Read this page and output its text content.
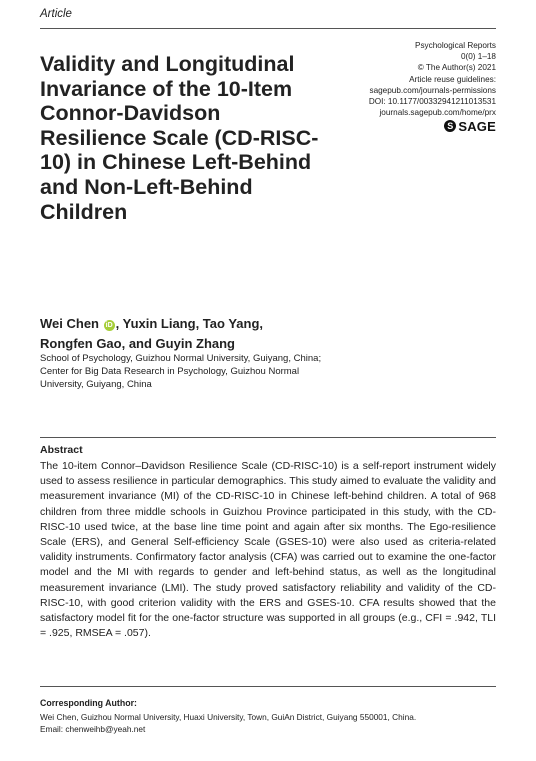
Article
Validity and Longitudinal Invariance of the 10-Item Connor-Davidson Resilience Scale (CD-RISC-10) in Chinese Left-Behind and Non-Left-Behind Children
Psychological Reports
0(0) 1–18
© The Author(s) 2021
Article reuse guidelines:
sagepub.com/journals-permissions
DOI: 10.1177/00332941211013531
journals.sagepub.com/home/prx
S SAGE
Wei Chen iD , Yuxin Liang, Tao Yang,
Rongfen Gao, and Guyin Zhang
School of Psychology, Guizhou Normal University, Guiyang, China; Center for Big Data Research in Psychology, Guizhou Normal University, Guiyang, China
Abstract
The 10-item Connor–Davidson Resilience Scale (CD-RISC-10) is a self-report instrument widely used to assess resilience in particular demographics. This study aimed to evaluate the validity and measurement invariance (MI) of the CD-RISC-10 in Chinese left-behind children. A total of 968 children from three middle schools in Guizhou Province participated in this study, with the CD-RISC-10 used twice, at the base line time point and again after six months. The Ego-resilience Scale (ERS), and General Self-efficiency Scale (GSES-10) were also used as criteria-related validity instruments. Confirmatory factor analysis (CFA) was carried out to examine the one-factor model and the MI with regards to gender and left-behind status, as well as the longitudinal measurement invariance (LMI). The study proved satisfactory reliability and validity of the CD-RISC-10, with good criterion validity with the ERS and GSES-10. CFA results showed that the satisfactory model fit for the one-factor structure was supported in all groups (e.g., CFI = .942, TLI = .925, RMSEA = .057).
Corresponding Author:
Wei Chen, Guizhou Normal University, Huaxi University, Town, GuiAn District, Guiyang 550001, China.
Email: chenweihb@yeah.net
